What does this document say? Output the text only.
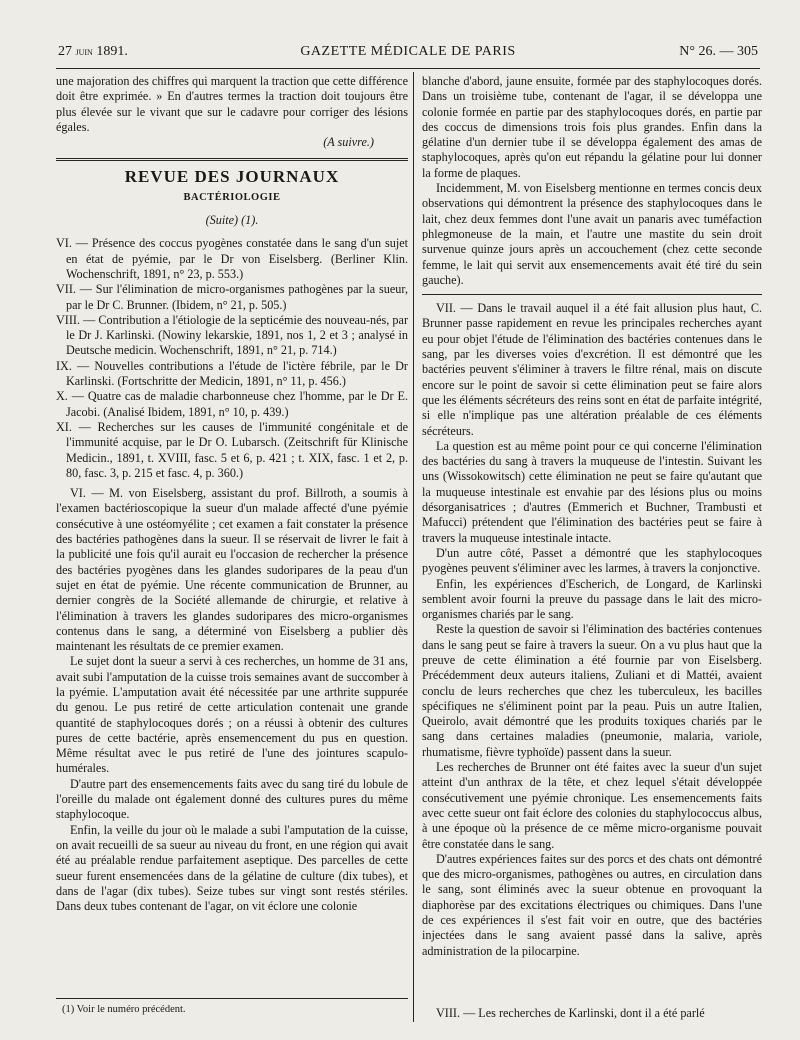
27 juin 1891.	GAZETTE MÉDICALE DE PARIS	N° 26. — 305

une majoration des chiffres qui marquent la traction que cette différence doit être exprimée. » En d'autres termes la traction doit toujours être plus élevée sur le vivant que sur le cadavre pour corriger des lésions égales.

(A suivre.)

REVUE DES JOURNAUX
BACTÉRIOLOGIE
(Suite) (1).

VI. — Présence des coccus pyogènes constatée dans le sang d'un sujet en état de pyémie, par le Dr von Eiselsberg. (Berliner Klin. Wochenschrift, 1891, n° 23, p. 553.)

VII. — Sur l'élimination de micro-organismes pathogènes par la sueur, par le Dr C. Brunner. (Ibidem, n° 21, p. 505.)

VIII. — Contribution a l'étiologie de la septicémie des nouveau-nés, par le Dr J. Karlinski. (Nowiny lekarskie, 1891, nos 1, 2 et 3 ; analysé in Deutsche medicin. Wochenschrift, 1891, n° 21, p. 714.)

IX. — Nouvelles contributions a l'étude de l'ictère fébrile, par le Dr Karlinski. (Fortschritte der Medicin, 1891, n° 11, p. 456.)

X. — Quatre cas de maladie charbonneuse chez l'homme, par le Dr E. Jacobi. (Analisé Ibidem, 1891, n° 10, p. 439.)

XI. — Recherches sur les causes de l'immunité congénitale et de l'immunité acquise, par le Dr O. Lubarsch. (Zeitschrift für Klinische Medicin., 1891, t. XVIII, fasc. 5 et 6, p. 421 ; t. XIX, fasc. 1 et 2, p. 80, fasc. 3, p. 215 et fasc. 4, p. 360.)

VI. — M. von Eiselsberg, assistant du prof. Billroth, a soumis à l'examen bactérioscopique la sueur d'un malade affecté d'une pyémie consécutive à une ostéomyélite ; cet examen a fait constater la présence des bactéries pathogènes dans la sueur. Il se réservait de livrer le fait à la publicité une fois qu'il aurait eu l'occasion de rechercher la présence des bactéries pyogènes dans les glandes sudoripares de la peau d'un sujet en état de pyémie. Une récente communication de Brunner, au dernier congrès de la Société allemande de chirurgie, et relative à l'élimination à travers les glandes sudoripares des micro-organismes contenus dans le sang, a déterminé von Eiselsberg a publier dès maintenant les résultats de ce premier examen.

Le sujet dont la sueur a servi à ces recherches, un homme de 31 ans, avait subi l'amputation de la cuisse trois semaines avant de succomber à la pyémie. L'amputation avait été nécessitée par une arthrite suppurée du genou. Le pus retiré de cette articulation contenait une grande quantité de staphylocoques dorés ; on a réussi à obtenir des cultures pures de cette bactérie, après ensemencement du pus en question. Même résultat avec le pus retiré de l'une des jointures scapulo-humérales.

D'autre part des ensemencements faits avec du sang tiré du lobule de l'oreille du malade ont également donné des cultures pures du même staphylocoque.

Enfin, la veille du jour où le malade a subi l'amputation de la cuisse, on avait recueilli de sa sueur au niveau du front, en une région qui avait été au préalable rendue parfaitement aseptique. Des parcelles de cette sueur furent ensemencées dans de la gélatine de culture (dix tubes), et dans de l'agar (dix tubes). Seize tubes sur vingt sont restés stériles. Dans deux tubes contenant de l'agar, on vit éclore une colonie

blanche d'abord, jaune ensuite, formée par des staphylocoques dorés. Dans un troisième tube, contenant de l'agar, il se développa une colonie formée en partie par des staphylocoques dorés, en partie par des coccus de dimensions trois fois plus grandes. Enfin dans la gélatine d'un dernier tube il se développa également des amas de staphylocoques, après qu'on eut répandu la gélatine pour lui donner la forme de plaques.

Incidemment, M. von Eiselsberg mentionne en termes concis deux observations qui démontrent la présence des staphylocoques dans le lait, chez deux femmes dont l'une avait un panaris avec tuméfaction phlegmoneuse de la main, et l'autre une mastite du sein droit survenue quinze jours après un accouchement (chez cette seconde femme, le lait qui servit aux ensemencements avait été tiré du sein gauche).

VII. — Dans le travail auquel il a été fait allusion plus haut, C. Brunner passe rapidement en revue les principales recherches ayant eu pour objet l'étude de l'élimination des bactéries contenues dans le sang, par les diverses voies d'excrétion. Il est démontré que les bactéries peuvent s'éliminer à travers le filtre rénal, mais on discute encore sur le point de savoir si cette élimination peut se faire alors que les éléments sécréteurs des reins sont en état de parfaite intégrité, si elle n'implique pas une altération préalable de ces éléments sécréteurs.

La question est au même point pour ce qui concerne l'élimination des bactéries du sang à travers la muqueuse de l'intestin. Suivant les uns (Wissokowitsch) cette élimination ne peut se faire qu'autant que la muqueuse intestinale est envahie par des lésions plus ou moins désorganisatrices ; d'autres (Emmerich et Buchner, Trambusti et Mafucci) prétendent que l'élimination des bactéries peut se faire à travers la muqueuse intestinale intacte.

D'un autre côté, Passet a démontré que les staphylocoques pyogènes peuvent s'éliminer avec les larmes, à travers la conjonctive.

Enfin, les expériences d'Escherich, de Longard, de Karlinski semblent avoir fourni la preuve du passage dans le lait des micro-organismes chariés par le sang.

Reste la question de savoir si l'élimination des bactéries contenues dans le sang peut se faire à travers la sueur. On a vu plus haut que la preuve de cette élimination a été fournie par von Eiselsberg. Précédemment deux auteurs italiens, Zuliani et di Mattéi, avaient conclu de leurs recherches que chez les tuberculeux, les bacilles spécifiques ne s'éliminent point par la peau. Puis un autre Italien, Queirolo, avait démontré que les produits toxiques chariés par le sang dans certaines maladies (pneumonie, malaria, variole, rhumatisme, fièvre typhoïde) passent dans la sueur.

Les recherches de Brunner ont été faites avec la sueur d'un sujet atteint d'un anthrax de la tête, et chez lequel s'était développée consécutivement une pyémie chronique. Les ensemencements faits avec cette sueur ont fait éclore des colonies du staphylococcus albus, à une époque où la présence de ce même micro-organisme pouvait être constatée dans le sang.

D'autres expériences faites sur des porcs et des chats ont démontré que des micro-organismes, pathogènes ou autres, en circulation dans le sang, sont éliminés avec la sueur obtenue en provoquant la diaphorèse par des excitations électriques ou chimiques. Dans l'une de ces expériences il s'est fait voir en outre, que des bactéries injectées dans le sang avaient passé dans la salive, après administration de la pilocarpine.

(1) Voir le numéro précédent.	VIII. — Les recherches de Karlinski, dont il a été parlé
